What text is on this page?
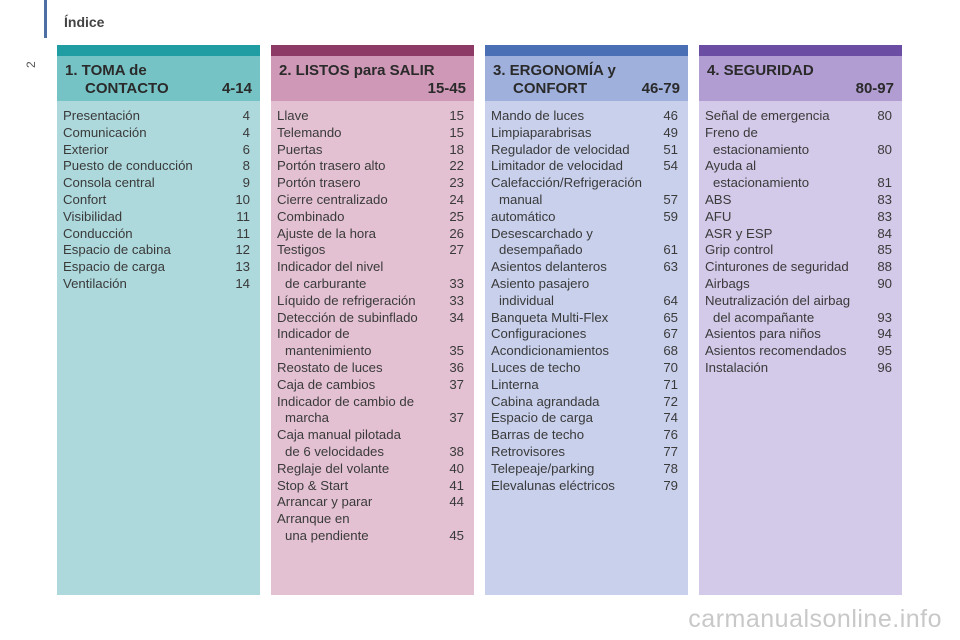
Índice
2 1. TOMA de
CONTACTO	4-14
Presentación	4
Comunicación	4
Exterior	6
Puesto de conducción	8
Consola central	9
Confort	10
Visibilidad	11
Conducción	11
Espacio de cabina	12
Espacio de carga	13
Ventilación	14
2. LISTOS para SALIR
15-45
Llave	15
Telemando	15
Puertas	18
Portón trasero alto	22
Portón trasero	23
Cierre centralizado	24
Combinado	25
Ajuste de la hora	26
Testigos	27
Indicador del nivel
de carburante	33
Líquido de refrigeración	33
Detección de subinflado	34
Indicador de
mantenimiento	35
Reostato de luces	36
Caja de cambios	37
Indicador de cambio de
marcha	37
Caja manual pilotada
de 6 velocidades	38
Reglaje del volante	40
Stop & Start	41
Arrancar y parar	44
Arranque en
una pendiente	45
3. ERGONOMÍA y
CONFORT	46-79
Mando de luces	46
Limpiaparabrisas	49
Regulador de velocidad	51
Limitador de velocidad	54
Calefacción/Refrigeración
manual	57
automático	59
Desescarchado y
desempañado	61
Asientos delanteros	63
Asiento pasajero
individual	64
Banqueta Multi-Flex	65
Configuraciones	67
Acondicionamientos	68
Luces de techo	70
Linterna	71
Cabina agrandada	72
Espacio de carga	74
Barras de techo	76
Retrovisores	77
Telepeaje/parking	78
Elevalunas eléctricos	79
4. SEGURIDAD
80-97
Señal de emergencia	80
Freno de
estacionamiento	80
Ayuda al
estacionamiento	81
ABS	83
AFU	83
ASR y ESP	84
Grip control	85
Cinturones de seguridad	88
Airbags	90
Neutralización del airbag
del acompañante	93
Asientos para niños	94
Asientos recomendados	95
Instalación	96
carmanualsonline.info
